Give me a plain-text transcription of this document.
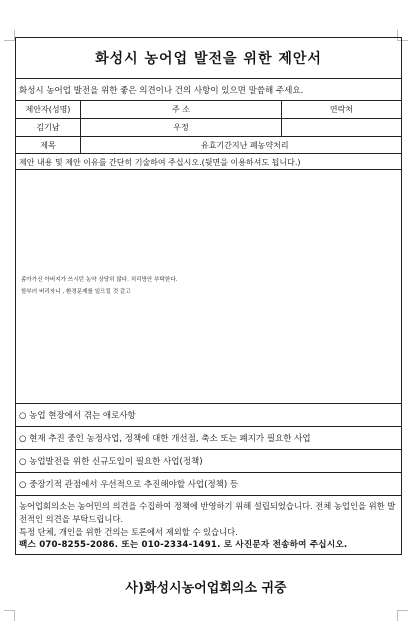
화성시 농어업 발전을 위한 제안서
화성시 농어업 발전을 위한 좋은 의견이나 건의 사항이 있으면 말씀해 주세요.
제안자(성명)	주 소	연락처
김기남	우정
제목	유효기간지난 폐농약처리
제안 내용 및 제안 이유를 간단히 기술하여 주십시오.(뒷면을 이용하셔도 됩니다.)
좀아가신 아버지가 쓰시던 농약 상당히 많다. 처리방안 부탁한다.
함부러 버리자니 , 환경문제를 일으킬 것 같고
○ 농업 현장에서 겪는 애로사항
○ 현재 추진 중인 농정사업, 정책에 대한 개선점, 축소 또는 폐지가 필요한 사업
○ 농업발전을 위한 신규도입이 필요한 사업(정책)
○ 중장기적 관점에서 우선적으로 추진해야할 사업(정책) 등
농어업회의소는 농어민의 의견을 수집하여 정책에 반영하기 위해 설립되었습니다. 전체 농업인을 위한 발전적인 의견을 부탁드립니다.
특정 단체, 개인을 위한 건의는 토론에서 제외할 수 있습니다.
팩스 070-8255-2086. 또는 010-2334-1491. 로 사진문자 전송하여 주십시오.
사)화성시농어업회의소 귀중
